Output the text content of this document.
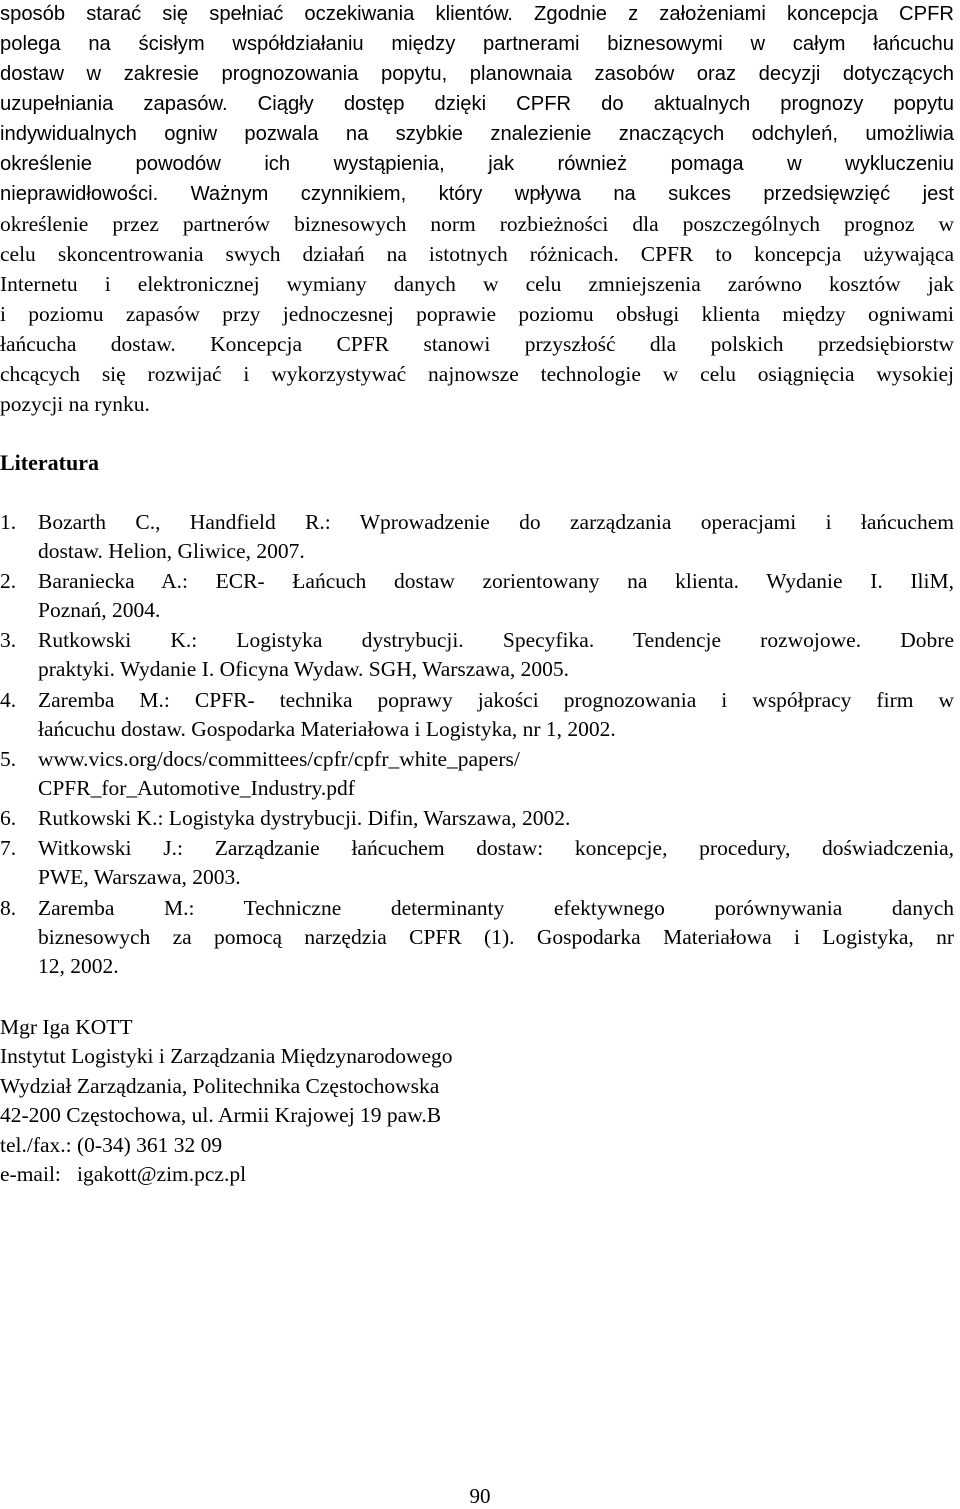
sposób starać się spełniać oczekiwania klientów. Zgodnie z założeniami koncepcja CPFR
polega na ścisłym współdziałaniu między partnerami biznesowymi w całym łańcuchu
dostaw w zakresie prognozowania popytu, planownaia zasobów oraz decyzji dotyczących
uzupełniania zapasów. Ciągły dostęp dzięki CPFR do aktualnych prognozy popytu
indywidualnych ogniw pozwala na szybkie znalezienie znaczących odchyleń, umożliwia
określenie powodów ich wystąpienia, jak również pomaga w wykluczeniu
nieprawidłowości. Ważnym czynnikiem, który wpływa na sukces przedsięwzięć jest
określenie przez partnerów biznesowych norm rozbieżności dla poszczególnych prognoz w
celu skoncentrowania swych działań na istotnych różnicach. CPFR to koncepcja używająca
Internetu i elektronicznej wymiany danych w celu zmniejszenia zarówno kosztów jak
i poziomu zapasów przy jednoczesnej poprawie poziomu obsługi klienta między ogniwami
łańcucha dostaw. Koncepcja CPFR stanowi przyszłość dla polskich przedsiębiorstw
chcących się rozwijać i wykorzystywać najnowsze technologie w celu osiągnięcia wysokiej
pozycji na rynku.
Literatura
1.	Bozarth C., Handfield R.: Wprowadzenie do zarządzania operacjami i łańcuchem
dostaw. Helion, Gliwice, 2007.
2.	Baraniecka A.: ECR- Łańcuch dostaw zorientowany na klienta. Wydanie I. IliM,
Poznań, 2004.
3.	Rutkowski K.: Logistyka dystrybucji. Specyfika. Tendencje rozwojowe. Dobre
praktyki. Wydanie I. Oficyna Wydaw. SGH, Warszawa, 2005.
4.	Zaremba M.: CPFR- technika poprawy jakości prognozowania i współpracy firm w
łańcuchu dostaw. Gospodarka Materiałowa i Logistyka, nr 1, 2002.
5.	www.vics.org/docs/committees/cpfr/cpfr_white_papers/
CPFR_for_Automotive_Industry.pdf
6.	Rutkowski K.: Logistyka dystrybucji. Difin, Warszawa, 2002.
7.	Witkowski J.: Zarządzanie łańcuchem dostaw: koncepcje, procedury, doświadczenia,
PWE, Warszawa, 2003.
8.	Zaremba M.: Techniczne determinanty efektywnego porównywania danych
biznesowych za pomocą narzędzia CPFR (1). Gospodarka Materiałowa i Logistyka, nr
12, 2002.
Mgr Iga KOTT
Instytut Logistyki i Zarządzania Międzynarodowego
Wydział Zarządzania, Politechnika Częstochowska
42-200 Częstochowa, ul. Armii Krajowej 19 paw.B
tel./fax.: (0-34) 361 32 09
e-mail:   igakott@zim.pcz.pl
90
